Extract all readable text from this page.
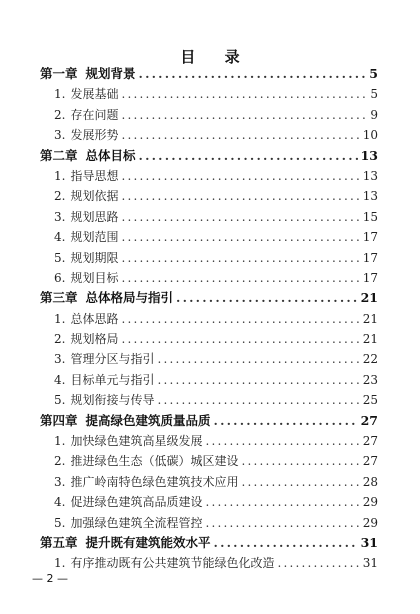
目 录
第一章 规划背景 .....	5
1. 发展基础 .....	5
2. 存在问题 .....	9
3. 发展形势 .....	10
第二章 总体目标 .....	13
1. 指导思想 .....	13
2. 规划依据 .....	13
3. 规划思路 .....	15
4. 规划范围 .....	17
5. 规划期限 .....	17
6. 规划目标 .....	17
第三章 总体格局与指引 .....	21
1. 总体思路 .....	21
2. 规划格局 .....	21
3. 管理分区与指引 .....	22
4. 目标单元与指引 .....	23
5. 规划衔接与传导 .....	25
第四章 提高绿色建筑质量品质 .....	27
1. 加快绿色建筑高星级发展 .....	27
2. 推进绿色生态（低碳）城区建设 .....	27
3. 推广岭南特色绿色建筑技术应用 .....	28
4. 促进绿色建筑高品质建设 .....	29
5. 加强绿色建筑全流程管控 .....	29
第五章 提升既有建筑能效水平 .....	31
1. 有序推动既有公共建筑节能绿色化改造 .....	31
— 2 —
